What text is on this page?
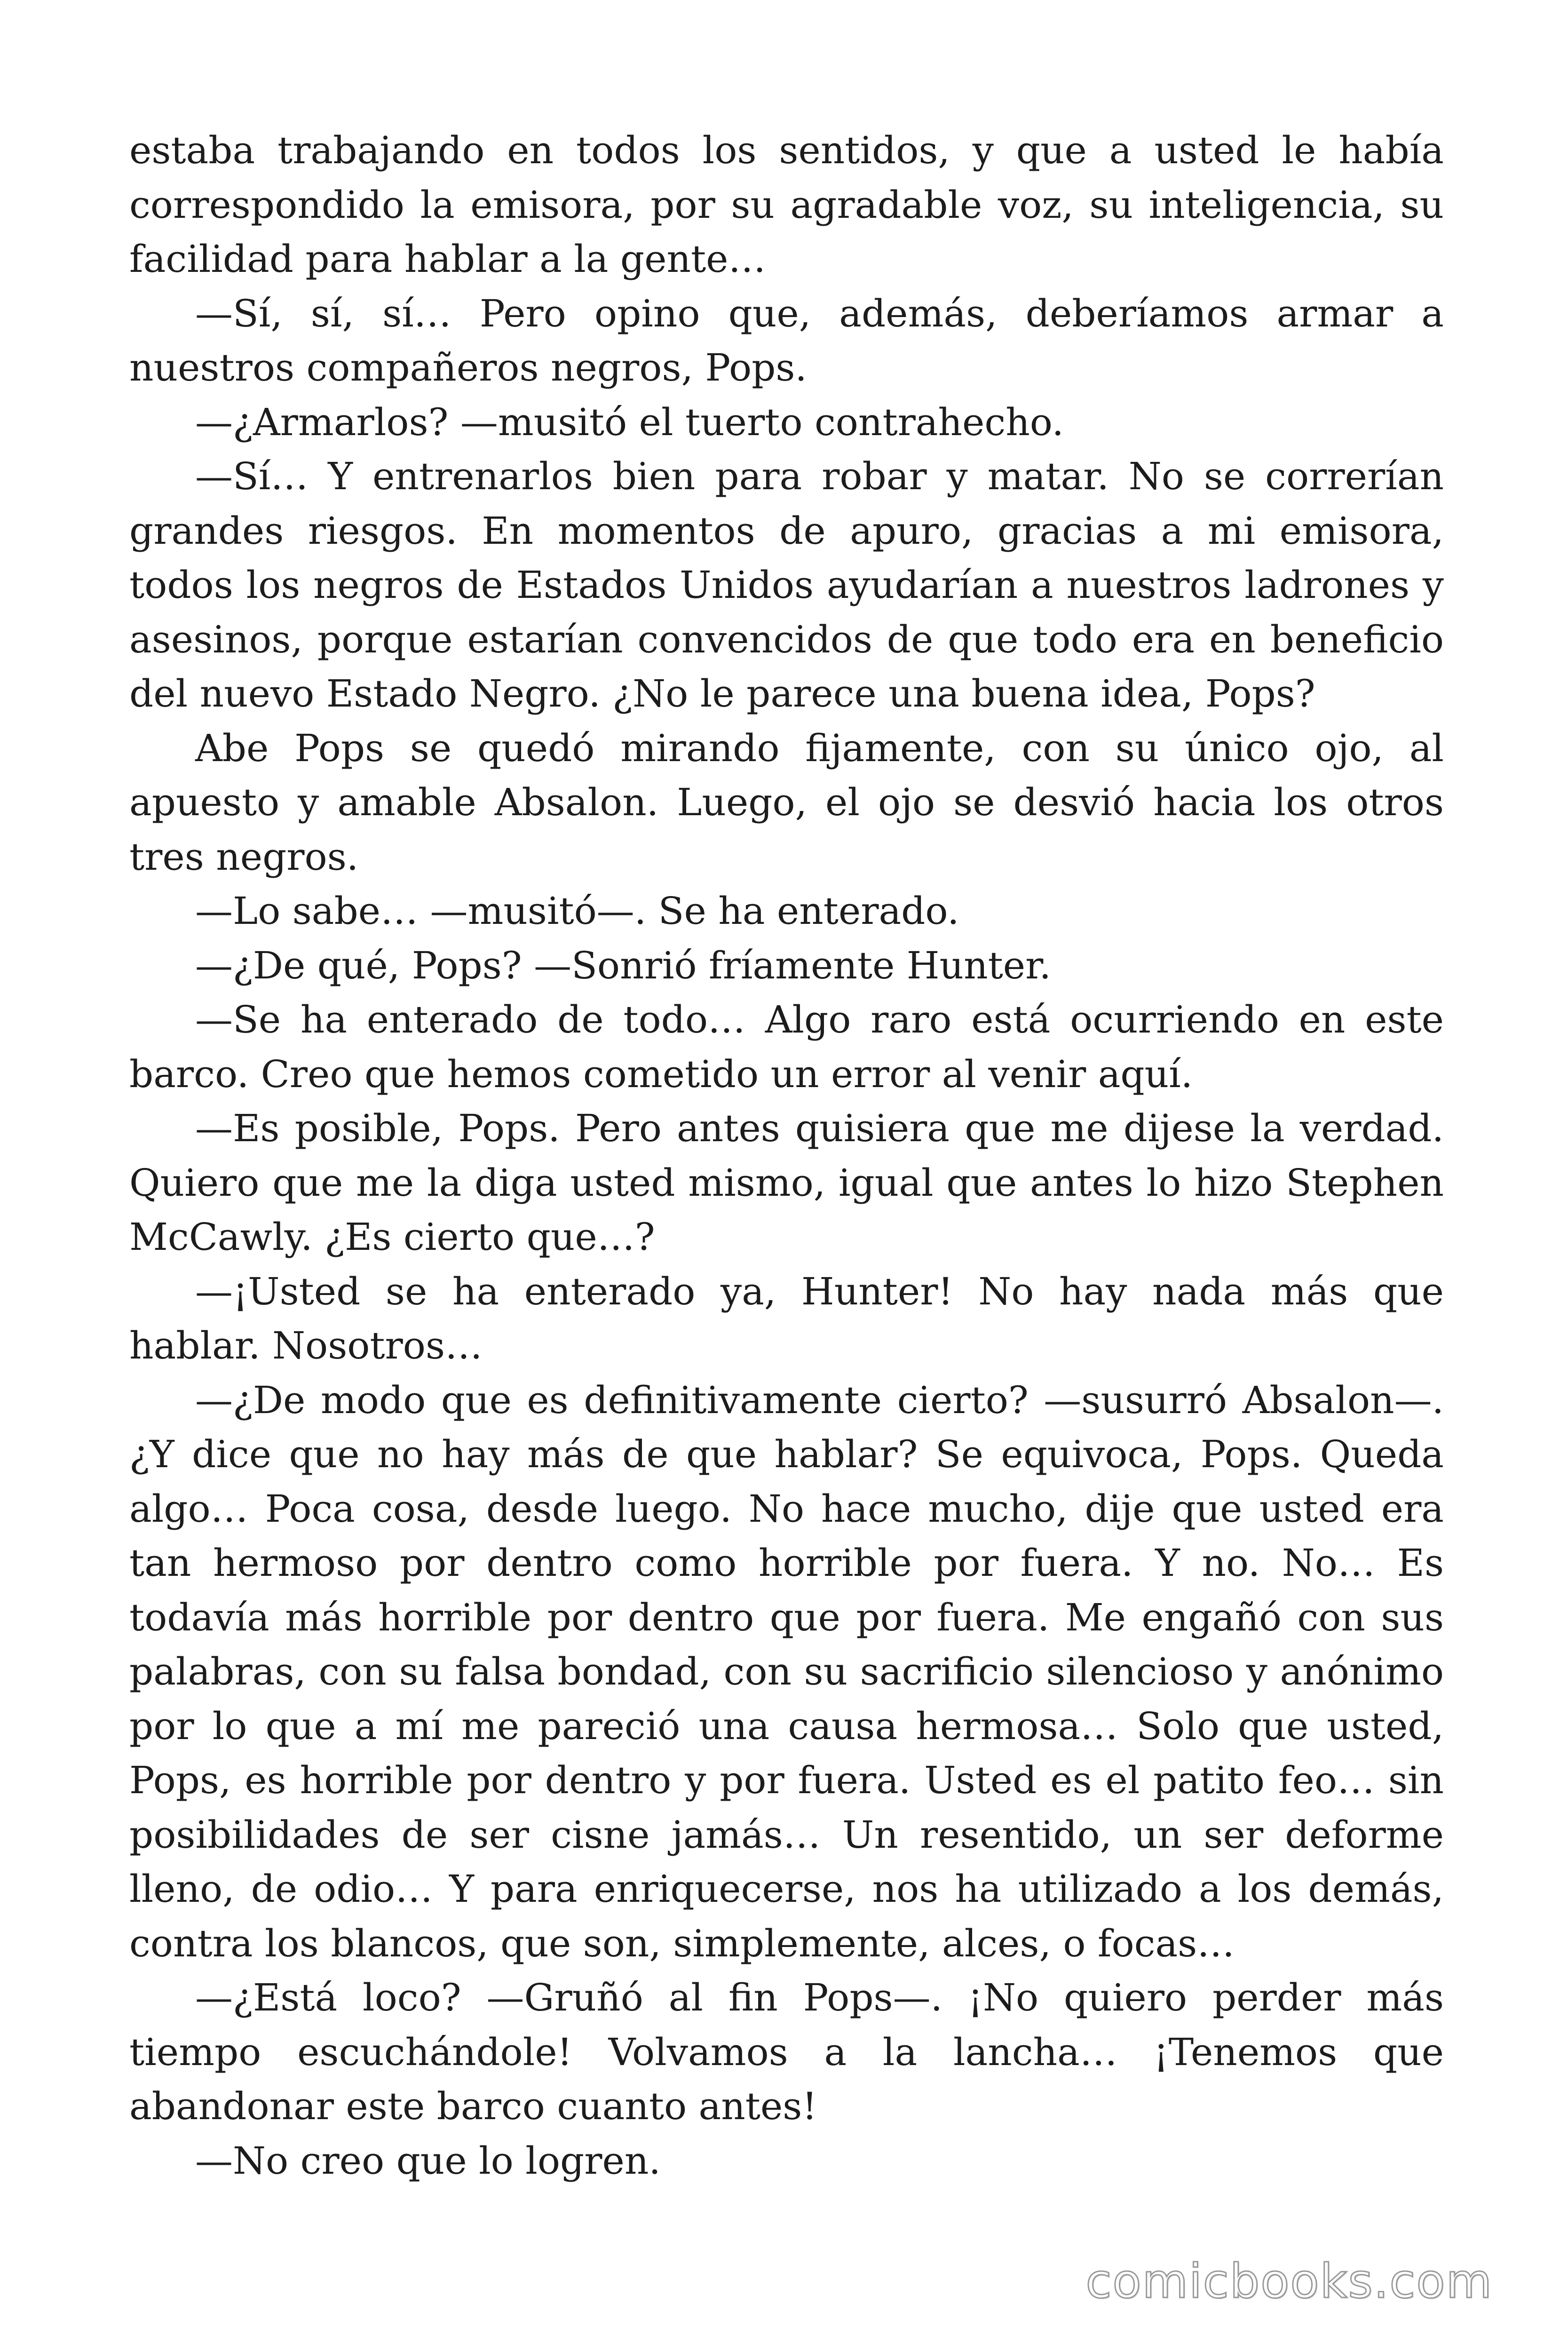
estaba trabajando en todos los sentidos, y que a usted le había correspondido la emisora, por su agradable voz, su inteligencia, su facilidad para hablar a la gente…

—Sí, sí, sí… Pero opino que, además, deberíamos armar a nuestros compañeros negros, Pops.

—¿Armarlos? —musitó el tuerto contrahecho.

—Sí… Y entrenarlos bien para robar y matar. No se correrían grandes riesgos. En momentos de apuro, gracias a mi emisora, todos los negros de Estados Unidos ayudarían a nuestros ladrones y asesinos, porque estarían convencidos de que todo era en beneficio del nuevo Estado Negro. ¿No le parece una buena idea, Pops?

Abe Pops se quedó mirando fijamente, con su único ojo, al apuesto y amable Absalon. Luego, el ojo se desvió hacia los otros tres negros.

—Lo sabe… —musitó—. Se ha enterado.

—¿De qué, Pops? —Sonrió fríamente Hunter.

—Se ha enterado de todo… Algo raro está ocurriendo en este barco. Creo que hemos cometido un error al venir aquí.

—Es posible, Pops. Pero antes quisiera que me dijese la verdad. Quiero que me la diga usted mismo, igual que antes lo hizo Stephen McCawly. ¿Es cierto que…?

—¡Usted se ha enterado ya, Hunter! No hay nada más que hablar. Nosotros…

—¿De modo que es definitivamente cierto? —susurró Absalon—. ¿Y dice que no hay más de que hablar? Se equivoca, Pops. Queda algo… Poca cosa, desde luego. No hace mucho, dije que usted era tan hermoso por dentro como horrible por fuera. Y no. No… Es todavía más horrible por dentro que por fuera. Me engañó con sus palabras, con su falsa bondad, con su sacrificio silencioso y anónimo por lo que a mí me pareció una causa hermosa… Solo que usted, Pops, es horrible por dentro y por fuera. Usted es el patito feo… sin posibilidades de ser cisne jamás… Un resentido, un ser deforme lleno, de odio… Y para enriquecerse, nos ha utilizado a los demás, contra los blancos, que son, simplemente, alces, o focas…

—¿Está loco? —Gruñó al fin Pops—. ¡No quiero perder más tiempo escuchándole! Volvamos a la lancha… ¡Tenemos que abandonar este barco cuanto antes!

—No creo que lo logren.

comicbooks.com
